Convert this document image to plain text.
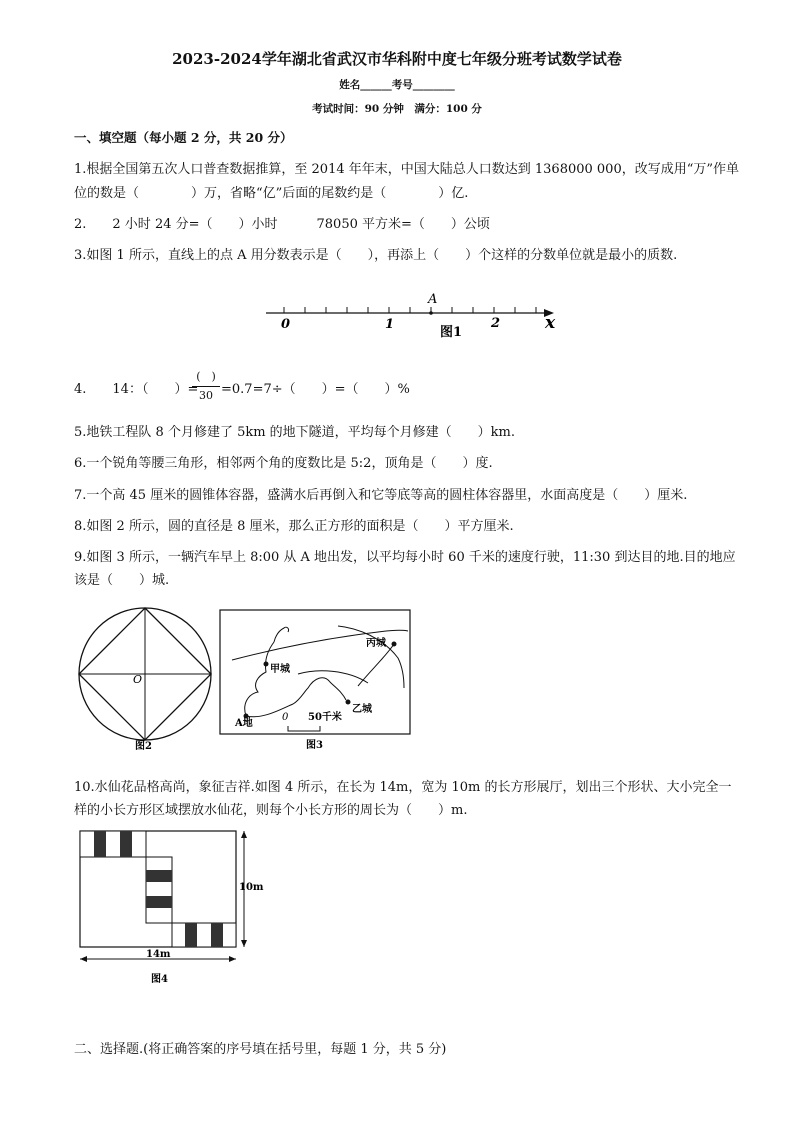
2023-2024学年湖北省武汉市华科附中度七年级分班考试数学试卷
姓名______考号________
考试时间：90 分钟　满分：100 分
一、填空题（每小题 2 分，共 20 分）
1.根据全国第五次人口普查数据推算，至 2014 年年末，中国大陆总人口数达到 1368000 000，改写成用“万”作单
位的数是（　　　　）万，省略“亿”后面的尾数约是（　　　　）亿.
2.　　2 小时 24 分=（　　）小时　　　78050 平方米=（　　）公顷
3.如图 1 所示，直线上的点 A 用分数表示是（　　），再添上（　　）个这样的分数单位就是最小的质数.
A
0	1	2	x
图1
4.　　14：（　　）=
(　)
30 =0.7=7÷（　　）=（　　）%
5.地铁工程队 8 个月修建了 5km 的地下隧道，平均每个月修建（　　）km.
6.一个锐角等腰三角形，相邻两个角的度数比是 5:2，顶角是（　　）度.
7.一个高 45 厘米的圆锥体容器，盛满水后再倒入和它等底等高的圆柱体容器里，水面高度是（　　）厘米.
8.如图 2 所示，圆的直径是 8 厘米，那么正方形的面积是（　　）平方厘米.
9.如图 3 所示，一辆汽车早上 8:00 从 A 地出发，以平均每小时 60 千米的速度行驶，11:30 到达目的地.目的地应
该是（　　）城.
O
图2
丙城
甲城
乙城
A地
0 50千米
图3
10.水仙花品格高尚，象征吉祥.如图 4 所示，在长为 14m，宽为 10m 的长方形展厅，划出三个形状、大小完全一
样的小长方形区域摆放水仙花，则每个小长方形的周长为（　　）m.
14m
10m
图4
二、选择题.(将正确答案的序号填在括号里，每题 1 分，共 5 分)
